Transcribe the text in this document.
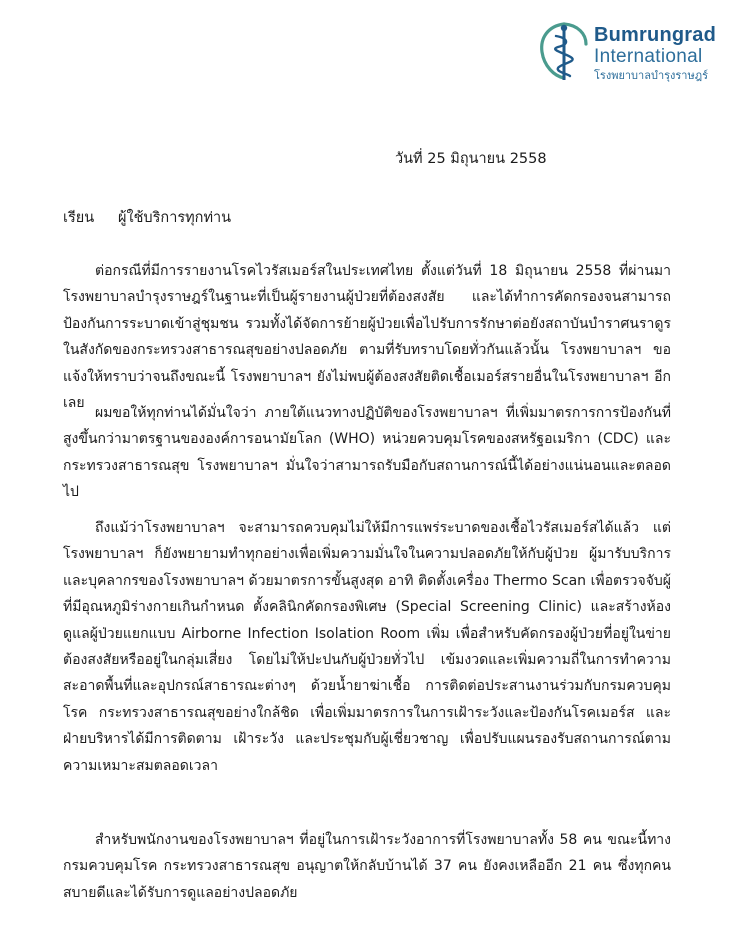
Bumrungrad
International
โรงพยาบาลบำรุงราษฎร์
วันที่ 25 มิถุนายน 2558
เรียน ผู้ใช้บริการทุกท่าน

ต่อกรณีที่มีการรายงานโรคไวรัสเมอร์สในประเทศไทย ตั้งแต่วันที่ 18 มิถุนายน 2558 ที่ผ่านมา โรงพยาบาลบำรุงราษฎร์ในฐานะที่เป็นผู้รายงานผู้ป่วยที่ต้องสงสัย และได้ทำการคัดกรองจนสามารถป้องกันการระบาดเข้าสู่ชุมชน รวมทั้งได้จัดการย้ายผู้ป่วยเพื่อไปรับการรักษาต่อยังสถาบันบำราศนราดูรในสังกัดของกระทรวงสาธารณสุขอย่างปลอดภัย ตามที่รับทราบโดยทั่วกันแล้วนั้น โรงพยาบาลฯ ขอแจ้งให้ทราบว่าจนถึงขณะนี้ โรงพยาบาลฯ ยังไม่พบผู้ต้องสงสัยติดเชื้อเมอร์สรายอื่นในโรงพยาบาลฯ อีกเลย

ผมขอให้ทุกท่านได้มั่นใจว่า ภายใต้แนวทางปฏิบัติของโรงพยาบาลฯ ที่เพิ่มมาตรการการป้องกันที่สูงขึ้นกว่ามาตรฐานขององค์การอนามัยโลก (WHO) หน่วยควบคุมโรคของสหรัฐอเมริกา (CDC) และกระทรวงสาธารณสุข โรงพยาบาลฯ มั่นใจว่าสามารถรับมือกับสถานการณ์นี้ได้อย่างแน่นอนและตลอดไป

ถึงแม้ว่าโรงพยาบาลฯ จะสามารถควบคุมไม่ให้มีการแพร่ระบาดของเชื้อไวรัสเมอร์สได้แล้ว แต่โรงพยาบาลฯ ก็ยังพยายามทำทุกอย่างเพื่อเพิ่มความมั่นใจในความปลอดภัยให้กับผู้ป่วย ผู้มารับบริการและบุคลากรของโรงพยาบาลฯ ด้วยมาตรการขั้นสูงสุด อาทิ ติดตั้งเครื่อง Thermo Scan เพื่อตรวจจับผู้ที่มีอุณหภูมิร่างกายเกินกำหนด ตั้งคลินิกคัดกรองพิเศษ (Special Screening Clinic) และสร้างห้องดูแลผู้ป่วยแยกแบบ Airborne Infection Isolation Room เพิ่ม เพื่อสำหรับคัดกรองผู้ป่วยที่อยู่ในข่ายต้องสงสัยหรืออยู่ในกลุ่มเสี่ยง โดยไม่ให้ปะปนกับผู้ป่วยทั่วไป เข้มงวดและเพิ่มความถี่ในการทำความสะอาดพื้นที่และอุปกรณ์สาธารณะต่างๆ ด้วยน้ำยาฆ่าเชื้อ การติดต่อประสานงานร่วมกับกรมควบคุมโรค กระทรวงสาธารณสุขอย่างใกล้ชิด เพื่อเพิ่มมาตรการในการเฝ้าระวังและป้องกันโรคเมอร์ส และฝ่ายบริหารได้มีการติดตาม เฝ้าระวัง และประชุมกับผู้เชี่ยวชาญ เพื่อปรับแผนรองรับสถานการณ์ตามความเหมาะสมตลอดเวลา

สำหรับพนักงานของโรงพยาบาลฯ ที่อยู่ในการเฝ้าระวังอาการที่โรงพยาบาลทั้ง 58 คน ขณะนี้ทางกรมควบคุมโรค กระทรวงสาธารณสุข อนุญาตให้กลับบ้านได้ 37 คน ยังคงเหลืออีก 21 คน ซึ่งทุกคนสบายดีและได้รับการดูแลอย่างปลอดภัย
